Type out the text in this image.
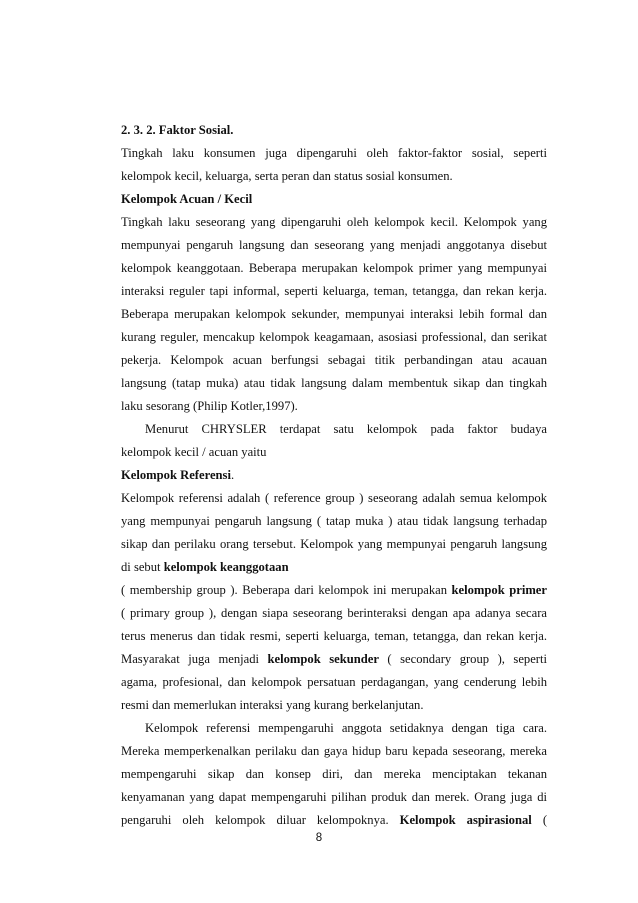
2. 3. 2. Faktor Sosial.
Tingkah laku konsumen juga dipengaruhi oleh faktor-faktor sosial, seperti
kelompok kecil, keluarga, serta peran dan status sosial konsumen.
Kelompok Acuan / Kecil
Tingkah laku seseorang yang dipengaruhi oleh kelompok kecil. Kelompok yang
mempunyai pengaruh langsung dan seseorang yang menjadi anggotanya disebut
kelompok keanggotaan. Beberapa merupakan kelompok primer yang mempunyai
interaksi reguler tapi informal, seperti keluarga, teman, tetangga, dan rekan kerja.
Beberapa merupakan kelompok sekunder, mempunyai interaksi lebih formal dan
kurang reguler, mencakup kelompok keagamaan, asosiasi professional, dan serikat
pekerja. Kelompok acuan berfungsi sebagai titik perbandingan atau acauan
langsung (tatap muka) atau tidak langsung dalam membentuk sikap dan tingkah
laku sesorang (Philip Kotler,1997).
Menurut CHRYSLER terdapat satu kelompok pada faktor budaya
kelompok kecil / acuan yaitu
Kelompok Referensi.
Kelompok referensi adalah ( reference group ) seseorang adalah semua kelompok
yang mempunyai pengaruh langsung ( tatap muka ) atau tidak langsung terhadap
sikap dan perilaku orang tersebut. Kelompok yang mempunyai pengaruh langsung
di sebut kelompok keanggotaan
( membership group ). Beberapa dari kelompok ini merupakan kelompok primer
( primary group ), dengan siapa seseorang berinteraksi dengan apa adanya secara
terus menerus dan tidak resmi, seperti keluarga, teman, tetangga, dan rekan kerja.
Masyarakat juga menjadi kelompok sekunder ( secondary group ), seperti
agama, profesional, dan kelompok persatuan perdagangan, yang cenderung lebih
resmi dan memerlukan interaksi yang kurang berkelanjutan.
Kelompok referensi mempengaruhi anggota setidaknya dengan tiga cara.
Mereka memperkenalkan perilaku dan gaya hidup baru kepada seseorang, mereka
mempengaruhi sikap dan konsep diri, dan mereka menciptakan tekanan
kenyamanan yang dapat mempengaruhi pilihan produk dan merek. Orang juga di
pengaruhi oleh kelompok diluar kelompoknya. Kelompok aspirasional (
8
